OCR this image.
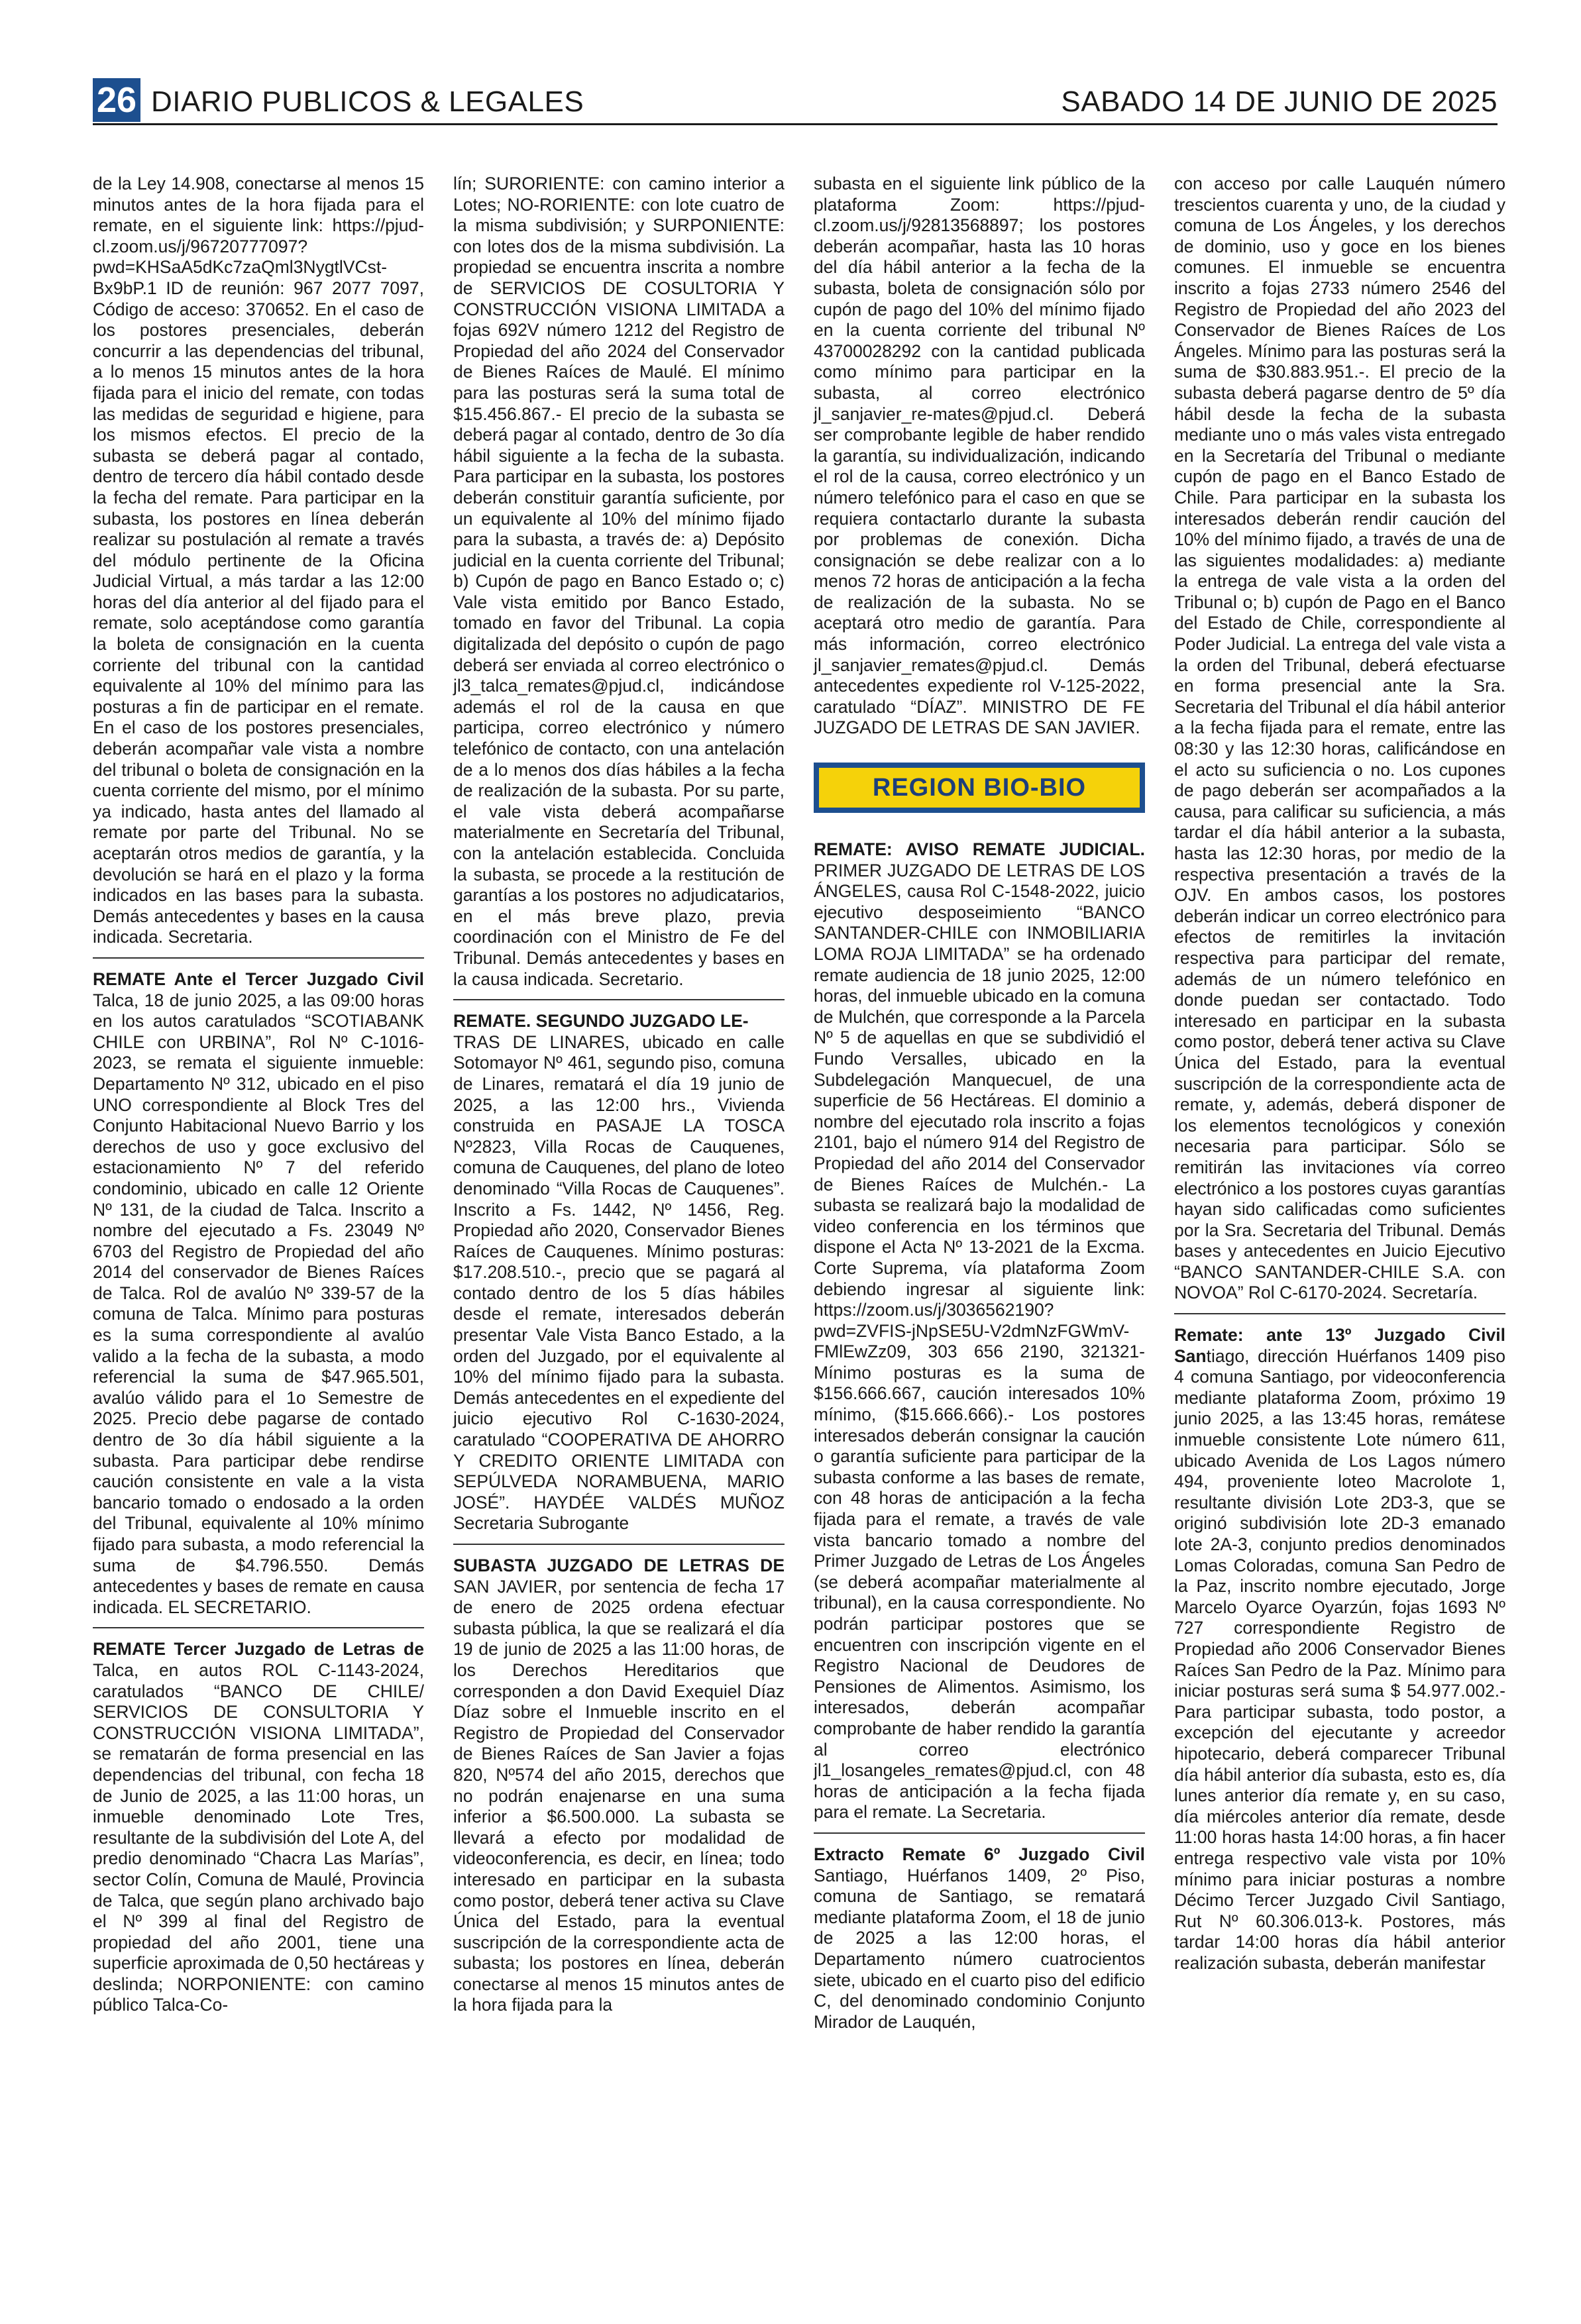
26 DIARIO PUBLICOS & LEGALES	SABADO 14 DE JUNIO DE 2025

de la Ley 14.908, conectarse al menos 15 minutos antes de la hora fijada para el remate, en el siguiente link: https://pjud-cl.zoom.us/j/96720777097?pwd=KHSaA5dKc7zaQml3NygtlVCst-Bx9bP.1 ID de reunión: 967 2077 7097, Código de acceso: 370652. En el caso de los postores presenciales, deberán concurrir a las dependencias del tribunal, a lo menos 15 minutos antes de la hora fijada para el inicio del remate, con todas las medidas de seguridad e higiene, para los mismos efectos. El precio de la subasta se deberá pagar al contado, dentro de tercero día hábil contado desde la fecha del remate. Para participar en la subasta, los postores en línea deberán realizar su postulación al remate a través del módulo pertinente de la Oficina Judicial Virtual, a más tardar a las 12:00 horas del día anterior al del fijado para el remate, solo aceptándose como garantía la boleta de consignación en la cuenta corriente del tribunal con la cantidad equivalente al 10% del mínimo para las posturas a fin de participar en el remate. En el caso de los postores presenciales, deberán acompañar vale vista a nombre del tribunal o boleta de consignación en la cuenta corriente del mismo, por el mínimo ya indicado, hasta antes del llamado al remate por parte del Tribunal. No se aceptarán otros medios de garantía, y la devolución se hará en el plazo y la forma indicados en las bases para la subasta. Demás antecedentes y bases en la causa indicada. Secretaria.

REMATE Ante el Tercer Juzgado Civil Talca, 18 de junio 2025, a las 09:00 horas en los autos caratulados “SCOTIABANK CHILE con URBINA”, Rol Nº C-1016-2023, se remata el siguiente inmueble: Departamento Nº 312, ubicado en el piso UNO correspondiente al Block Tres del Conjunto Habitacional Nuevo Barrio y los derechos de uso y goce exclusivo del estacionamiento Nº 7 del referido condominio, ubicado en calle 12 Oriente Nº 131, de la ciudad de Talca. Inscrito a nombre del ejecutado a Fs. 23049 Nº 6703 del Registro de Propiedad del año 2014 del conservador de Bienes Raíces de Talca. Rol de avalúo Nº 339-57 de la comuna de Talca. Mínimo para posturas es la suma correspondiente al avalúo valido a la fecha de la subasta, a modo referencial la suma de $47.965.501, avalúo válido para el 1o Semestre de 2025. Precio debe pagarse de contado dentro de 3o día hábil siguiente a la subasta. Para participar debe rendirse caución consistente en vale a la vista bancario tomado o endosado a la orden del Tribunal, equivalente al 10% mínimo fijado para subasta, a modo referencial la suma de $4.796.550. Demás antecedentes y bases de remate en causa indicada. EL SECRETARIO.

REMATE Tercer Juzgado de Letras de Talca, en autos ROL C-1143-2024, caratulados “BANCO DE CHILE/ SERVICIOS DE CONSULTORIA Y CONSTRUCCIÓN VISIONA LIMITADA”, se rematarán de forma presencial en las dependencias del tribunal, con fecha 18 de Junio de 2025, a las 11:00 horas, un inmueble denominado Lote Tres, resultante de la subdivisión del Lote A, del predio denominado “Chacra Las Marías”, sector Colín, Comuna de Maulé, Provincia de Talca, que según plano archivado bajo el Nº 399 al final del Registro de propiedad del año 2001, tiene una superficie aproximada de 0,50 hectáreas y deslinda; NORPONIENTE: con camino público Talca-Co-

lín; SURORIENTE: con camino interior a Lotes; NO-RORIENTE: con lote cuatro de la misma subdivisión; y SURPONIENTE: con lotes dos de la misma subdivisión. La propiedad se encuentra inscrita a nombre de SERVICIOS DE COSULTORIA Y CONSTRUCCIÓN VISIONA LIMITADA a fojas 692V número 1212 del Registro de Propiedad del año 2024 del Conservador de Bienes Raíces de Maulé. El mínimo para las posturas será la suma total de $15.456.867.- El precio de la subasta se deberá pagar al contado, dentro de 3o día hábil siguiente a la fecha de la subasta. Para participar en la subasta, los postores deberán constituir garantía suficiente, por un equivalente al 10% del mínimo fijado para la subasta, a través de: a) Depósito judicial en la cuenta corriente del Tribunal; b) Cupón de pago en Banco Estado o; c) Vale vista emitido por Banco Estado, tomado en favor del Tribunal. La copia digitalizada del depósito o cupón de pago deberá ser enviada al correo electrónico o jl3_talca_remates@pjud.cl, indicándose además el rol de la causa en que participa, correo electrónico y número telefónico de contacto, con una antelación de a lo menos dos días hábiles a la fecha de realización de la subasta. Por su parte, el vale vista deberá acompañarse materialmente en Secretaría del Tribunal, con la antelación establecida. Concluida la subasta, se procede a la restitución de garantías a los postores no adjudicatarios, en el más breve plazo, previa coordinación con el Ministro de Fe del Tribunal. Demás antecedentes y bases en la causa indicada. Secretario.

REMATE. SEGUNDO JUZGADO LE-
TRAS DE LINARES, ubicado en calle Sotomayor Nº 461, segundo piso, comuna de Linares, rematará el día 19 junio de 2025, a las 12:00 hrs., Vivienda construida en PASAJE LA TOSCA Nº2823, Villa Rocas de Cauquenes, comuna de Cauquenes, del plano de loteo denominado “Villa Rocas de Cauquenes”. Inscrito a Fs. 1442, Nº 1456, Reg. Propiedad año 2020, Conservador Bienes Raíces de Cauquenes. Mínimo posturas: $17.208.510.-, precio que se pagará al contado dentro de los 5 días hábiles desde el remate, interesados deberán presentar Vale Vista Banco Estado, a la orden del Juzgado, por el equivalente al 10% del mínimo fijado para la subasta. Demás antecedentes en el expediente del juicio ejecutivo Rol C-1630-2024, caratulado “COOPERATIVA DE AHORRO Y CREDITO ORIENTE LIMITADA con SEPÚLVEDA NORAMBUENA, MARIO JOSÉ”. HAYDÉE VALDÉS MUÑOZ Secretaria Subrogante

SUBASTA JUZGADO DE LETRAS DE SAN JAVIER, por sentencia de fecha 17 de enero de 2025 ordena efectuar subasta pública, la que se realizará el día 19 de junio de 2025 a las 11:00 horas, de los Derechos Hereditarios que corresponden a don David Exequiel Díaz Díaz sobre el Inmueble inscrito en el Registro de Propiedad del Conservador de Bienes Raíces de San Javier a fojas 820, Nº574 del año 2015, derechos que no podrán enajenarse en una suma inferior a $6.500.000. La subasta se llevará a efecto por modalidad de videoconferencia, es decir, en línea; todo interesado en participar en la subasta como postor, deberá tener activa su Clave Única del Estado, para la eventual suscripción de la correspondiente acta de subasta; los postores en línea, deberán conectarse al menos 15 minutos antes de la hora fijada para la

subasta en el siguiente link público de la plataforma Zoom: https://pjud-cl.zoom.us/j/92813568897; los postores deberán acompañar, hasta las 10 horas del día hábil anterior a la fecha de la subasta, boleta de consignación sólo por cupón de pago del 10% del mínimo fijado en la cuenta corriente del tribunal Nº 43700028292 con la cantidad publicada como mínimo para participar en la subasta, al correo electrónico jl_sanjavier_re-mates@pjud.cl. Deberá ser comprobante legible de haber rendido la garantía, su individualización, indicando el rol de la causa, correo electrónico y un número telefónico para el caso en que se requiera contactarlo durante la subasta por problemas de conexión. Dicha consignación se debe realizar con a lo menos 72 horas de anticipación a la fecha de realización de la subasta. No se aceptará otro medio de garantía. Para más información, correo electrónico jl_sanjavier_remates@pjud.cl. Demás antecedentes expediente rol V-125-2022, caratulado “DÍAZ”. MINISTRO DE FE JUZGADO DE LETRAS DE SAN JAVIER.

REGION BIO-BIO

REMATE: AVISO REMATE JUDICIAL. PRIMER JUZGADO DE LETRAS DE LOS ÁNGELES, causa Rol C-1548-2022, juicio ejecutivo desposeimiento “BANCO SANTANDER-CHILE con INMOBILIARIA LOMA ROJA LIMITADA” se ha ordenado remate audiencia de 18 junio 2025, 12:00 horas, del inmueble ubicado en la comuna de Mulchén, que corresponde a la Parcela Nº 5 de aquellas en que se subdividió el Fundo Versalles, ubicado en la Subdelegación Manquecuel, de una superficie de 56 Hectáreas. El dominio a nombre del ejecutado rola inscrito a fojas 2101, bajo el número 914 del Registro de Propiedad del año 2014 del Conservador de Bienes Raíces de Mulchén.- La subasta se realizará bajo la modalidad de video conferencia en los términos que dispone el Acta Nº 13-2021 de la Excma. Corte Suprema, vía plataforma Zoom debiendo ingresar al siguiente link: https://zoom.us/j/3036562190?pwd=ZVFIS-jNpSE5U-V2dmNzFGWmV-FMlEwZz09, 303 656 2190, 321321- Mínimo posturas es la suma de $156.666.667, caución interesados 10% mínimo, ($15.666.666).- Los postores interesados deberán consignar la caución o garantía suficiente para participar de la subasta conforme a las bases de remate, con 48 horas de anticipación a la fecha fijada para el remate, a través de vale vista bancario tomado a nombre del Primer Juzgado de Letras de Los Ángeles (se deberá acompañar materialmente al tribunal), en la causa correspondiente. No podrán participar postores que se encuentren con inscripción vigente en el Registro Nacional de Deudores de Pensiones de Alimentos. Asimismo, los interesados, deberán acompañar comprobante de haber rendido la garantía al correo electrónico jl1_losangeles_remates@pjud.cl, con 48 horas de anticipación a la fecha fijada para el remate. La Secretaria.

Extracto Remate 6º Juzgado Civil Santiago, Huérfanos 1409, 2º Piso, comuna de Santiago, se rematará mediante plataforma Zoom, el 18 de junio de 2025 a las 12:00 horas, el Departamento número cuatrocientos siete, ubicado en el cuarto piso del edificio C, del denominado condominio Conjunto Mirador de Lauquén,

con acceso por calle Lauquén número trescientos cuarenta y uno, de la ciudad y comuna de Los Ángeles, y los derechos de dominio, uso y goce en los bienes comunes. El inmueble se encuentra inscrito a fojas 2733 número 2546 del Registro de Propiedad del año 2023 del Conservador de Bienes Raíces de Los Ángeles. Mínimo para las posturas será la suma de $30.883.951.-. El precio de la subasta deberá pagarse dentro de 5º día hábil desde la fecha de la subasta mediante uno o más vales vista entregado en la Secretaría del Tribunal o mediante cupón de pago en el Banco Estado de Chile. Para participar en la subasta los interesados deberán rendir caución del 10% del mínimo fijado, a través de una de las siguientes modalidades: a) mediante la entrega de vale vista a la orden del Tribunal o; b) cupón de Pago en el Banco del Estado de Chile, correspondiente al Poder Judicial. La entrega del vale vista a la orden del Tribunal, deberá efectuarse en forma presencial ante la Sra. Secretaria del Tribunal el día hábil anterior a la fecha fijada para el remate, entre las 08:30 y las 12:30 horas, calificándose en el acto su suficiencia o no. Los cupones de pago deberán ser acompañados a la causa, para calificar su suficiencia, a más tardar el día hábil anterior a la subasta, hasta las 12:30 horas, por medio de la respectiva presentación a través de la OJV. En ambos casos, los postores deberán indicar un correo electrónico para efectos de remitirles la invitación respectiva para participar del remate, además de un número telefónico en donde puedan ser contactado. Todo interesado en participar en la subasta como postor, deberá tener activa su Clave Única del Estado, para la eventual suscripción de la correspondiente acta de remate, y, además, deberá disponer de los elementos tecnológicos y conexión necesaria para participar. Sólo se remitirán las invitaciones vía correo electrónico a los postores cuyas garantías hayan sido calificadas como suficientes por la Sra. Secretaria del Tribunal. Demás bases y antecedentes en Juicio Ejecutivo “BANCO SANTANDER-CHILE S.A. con NOVOA” Rol C-6170-2024. Secretaría.

Remate: ante 13º Juzgado Civil Santiago, dirección Huérfanos 1409 piso 4 comuna Santiago, por videoconferencia mediante plataforma Zoom, próximo 19 junio 2025, a las 13:45 horas, remátese inmueble consistente Lote número 611, ubicado Avenida de Los Lagos número 494, proveniente loteo Macrolote 1, resultante división Lote 2D3-3, que se originó subdivisión lote 2D-3 emanado lote 2A-3, conjunto predios denominados Lomas Coloradas, comuna San Pedro de la Paz, inscrito nombre ejecutado, Jorge Marcelo Oyarce Oyarzún, fojas 1693 Nº 727 correspondiente Registro de Propiedad año 2006 Conservador Bienes Raíces San Pedro de la Paz. Mínimo para iniciar posturas será suma $ 54.977.002.- Para participar subasta, todo postor, a excepción del ejecutante y acreedor hipotecario, deberá comparecer Tribunal día hábil anterior día subasta, esto es, día lunes anterior día remate y, en su caso, día miércoles anterior día remate, desde 11:00 horas hasta 14:00 horas, a fin hacer entrega respectivo vale vista por 10% mínimo para iniciar posturas a nombre Décimo Tercer Juzgado Civil Santiago, Rut Nº 60.306.013-k. Postores, más tardar 14:00 horas día hábil anterior realización subasta, deberán manifestar
